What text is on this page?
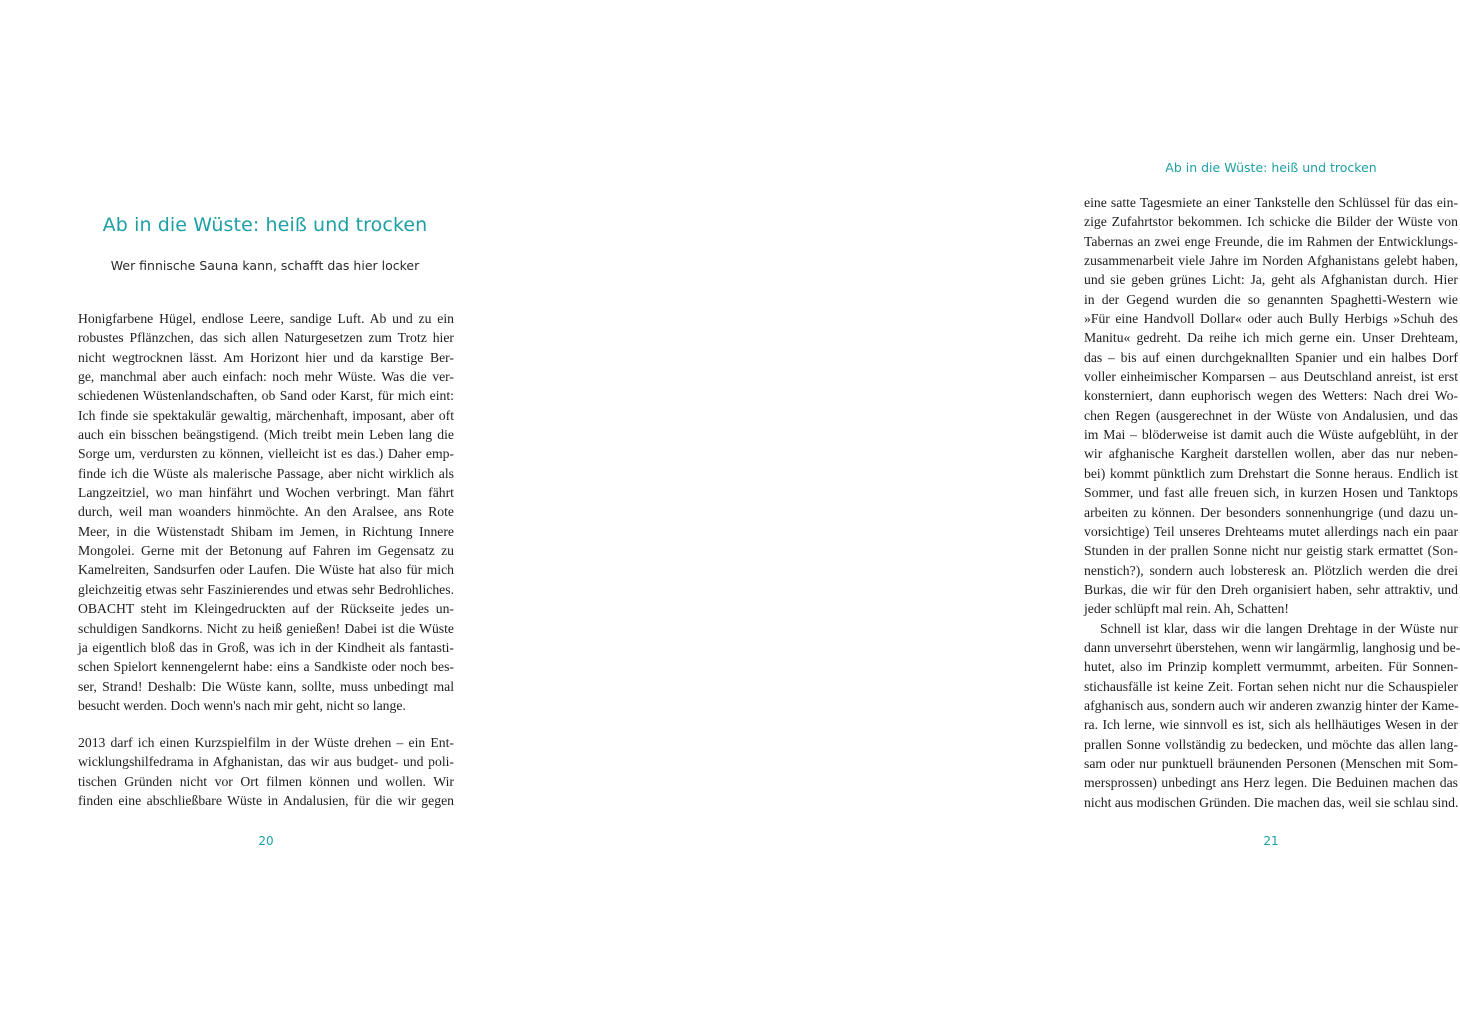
Ab in die Wüste: heiß und trocken

Wer finnische Sauna kann, schafft das hier locker

Honigfarbene Hügel, endlose Leere, sandige Luft. Ab und zu ein
robustes Pflänzchen, das sich allen Naturgesetzen zum Trotz hier
nicht wegtrocknen lässt. Am Horizont hier und da karstige Ber-
ge, manchmal aber auch einfach: noch mehr Wüste. Was die ver-
schiedenen Wüstenlandschaften, ob Sand oder Karst, für mich eint:
Ich finde sie spektakulär gewaltig, märchenhaft, imposant, aber oft
auch ein bisschen beängstigend. (Mich treibt mein Leben lang die
Sorge um, verdursten zu können, vielleicht ist es das.) Daher emp-
finde ich die Wüste als malerische Passage, aber nicht wirklich als
Langzeitziel, wo man hinfährt und Wochen verbringt. Man fährt
durch, weil man woanders hinmöchte. An den Aralsee, ans Rote
Meer, in die Wüstenstadt Shibam im Jemen, in Richtung Innere
Mongolei. Gerne mit der Betonung auf Fahren im Gegensatz zu
Kamelreiten, Sandsurfen oder Laufen. Die Wüste hat also für mich
gleichzeitig etwas sehr Faszinierendes und etwas sehr Bedrohliches.
OBACHT steht im Kleingedruckten auf der Rückseite jedes un-
schuldigen Sandkorns. Nicht zu heiß genießen! Dabei ist die Wüste
ja eigentlich bloß das in Groß, was ich in der Kindheit als fantasti-
schen Spielort kennengelernt habe: eins a Sandkiste oder noch bes-
ser, Strand! Deshalb: Die Wüste kann, sollte, muss unbedingt mal
besucht werden. Doch wenn's nach mir geht, nicht so lange.
2013 darf ich einen Kurzspielfilm in der Wüste drehen – ein Ent-
wicklungshilfedrama in Afghanistan, das wir aus budget- und poli-
tischen Gründen nicht vor Ort filmen können und wollen. Wir
finden eine abschließbare Wüste in Andalusien, für die wir gegen

20

Ab in die Wüste: heiß und trocken

eine satte Tagesmiete an einer Tankstelle den Schlüssel für das ein-
zige Zufahrtstor bekommen. Ich schicke die Bilder der Wüste von
Tabernas an zwei enge Freunde, die im Rahmen der Entwicklungs-
zusammenarbeit viele Jahre im Norden Afghanistans gelebt haben,
und sie geben grünes Licht: Ja, geht als Afghanistan durch. Hier
in der Gegend wurden die so genannten Spaghetti-Western wie
»Für eine Handvoll Dollar« oder auch Bully Herbigs »Schuh des
Manitu« gedreht. Da reihe ich mich gerne ein. Unser Drehteam,
das – bis auf einen durchgeknallten Spanier und ein halbes Dorf
voller einheimischer Komparsen – aus Deutschland anreist, ist erst
konsterniert, dann euphorisch wegen des Wetters: Nach drei Wo-
chen Regen (ausgerechnet in der Wüste von Andalusien, und das
im Mai – blöderweise ist damit auch die Wüste aufgeblüht, in der
wir afghanische Kargheit darstellen wollen, aber das nur neben-
bei) kommt pünktlich zum Drehstart die Sonne heraus. Endlich ist
Sommer, und fast alle freuen sich, in kurzen Hosen und Tanktops
arbeiten zu können. Der besonders sonnenhungrige (und dazu un-
vorsichtige) Teil unseres Drehteams mutet allerdings nach ein paar
Stunden in der prallen Sonne nicht nur geistig stark ermattet (Son-
nenstich?), sondern auch lobsteresk an. Plötzlich werden die drei
Burkas, die wir für den Dreh organisiert haben, sehr attraktiv, und
jeder schlüpft mal rein. Ah, Schatten!
Schnell ist klar, dass wir die langen Drehtage in der Wüste nur
dann unversehrt überstehen, wenn wir langärmlig, langhosig und be-
hutet, also im Prinzip komplett vermummt, arbeiten. Für Sonnen-
stichausfälle ist keine Zeit. Fortan sehen nicht nur die Schauspieler
afghanisch aus, sondern auch wir anderen zwanzig hinter der Kame-
ra. Ich lerne, wie sinnvoll es ist, sich als hellhäutiges Wesen in der
prallen Sonne vollständig zu bedecken, und möchte das allen lang-
sam oder nur punktuell bräunenden Personen (Menschen mit Som-
mersprossen) unbedingt ans Herz legen. Die Beduinen machen das
nicht aus modischen Gründen. Die machen das, weil sie schlau sind.

21
